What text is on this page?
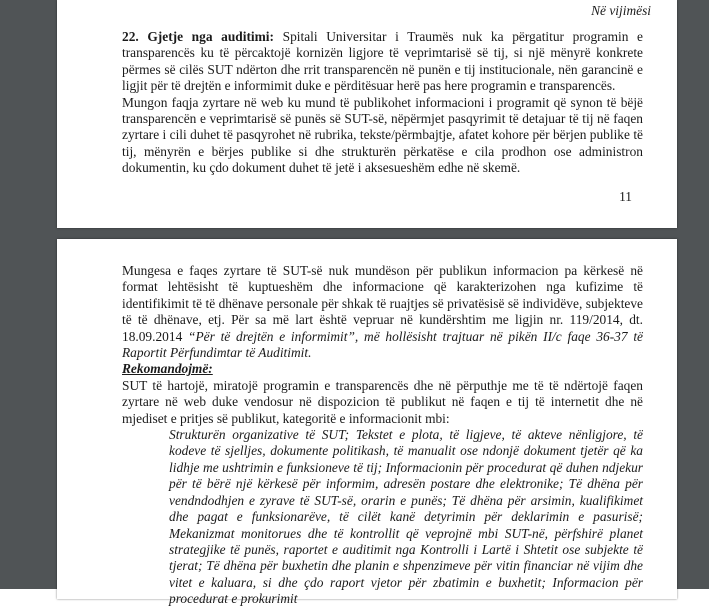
Në vijimësi
22. Gjetje nga auditimi: Spitali Universitar i Traumës nuk ka përgatitur programin e transparencës ku të përcaktojë kornizën ligjore të veprimtarisë së tij, si një mënyrë konkrete përmes së cilës SUT ndërton dhe rrit transparencën në punën e tij institucionale, nën garancinë e ligjit për të drejtën e informimit duke e përditësuar herë pas here programin e transparencës.
Mungon faqja zyrtare në web ku mund të publikohet informacioni i programit që synon të bëjë transparencën e veprimtarisë së punës së SUT-së, nëpërmjet pasqyrimit të detajuar të tij në faqen zyrtare i cili duhet të pasqyrohet në rubrika, tekste/përmbajtje, afatet kohore për bërjen publike të tij, mënyrën e bërjes publike si dhe strukturën përkatëse e cila prodhon ose administron dokumentin, ku çdo dokument duhet të jetë i aksesueshëm edhe në skemë.
11
Mungesa e faqes zyrtare të SUT-së nuk mundëson për publikun informacion pa kërkesë në format lehtësisht të kuptueshëm dhe informacione që karakterizohen nga kufizime të identifikimit të të dhënave personale për shkak të ruajtjes së privatësisë së individëve, subjekteve të të dhënave, etj. Për sa më lart është vepruar në kundërshtim me ligjin nr. 119/2014, dt. 18.09.2014 “Për të drejtën e informimit”, më hollësisht trajtuar në pikën II/c faqe 36-37 të Raportit Përfundimtar të Auditimit.
Rekomandojmë:
SUT të hartojë, miratojë programin e transparencës dhe në përputhje me të të ndërtojë faqen zyrtare në web duke vendosur në dispozicion të publikut në faqen e tij të internetit dhe në mjediset e pritjes së publikut, kategoritë e informacionit mbi:
Strukturën organizative të SUT; Tekstet e plota, të ligjeve, të akteve nënligjore, të kodeve të sjelljes, dokumente politikash, të manualit ose ndonjë dokument tjetër që ka lidhje me ushtrimin e funksioneve të tij; Informacionin për procedurat që duhen ndjekur për të bërë një kërkesë për informim, adresën postare dhe elektronike; Të dhëna për vendndodhjen e zyrave të SUT-së, orarin e punës; Të dhëna për arsimin, kualifikimet dhe pagat e funksionarëve, të cilët kanë detyrimin për deklarimin e pasurisë; Mekanizmat monitorues dhe të kontrollit që veprojnë mbi SUT-në, përfshirë planet strategjike të punës, raportet e auditimit nga Kontrolli i Lartë i Shtetit ose subjekte të tjerat; Të dhëna për buxhetin dhe planin e shpenzimeve për vitin financiar në vijim dhe vitet e kaluara, si dhe çdo raport vjetor për zbatimin e buxhetit; Informacion për procedurat e prokurimit
